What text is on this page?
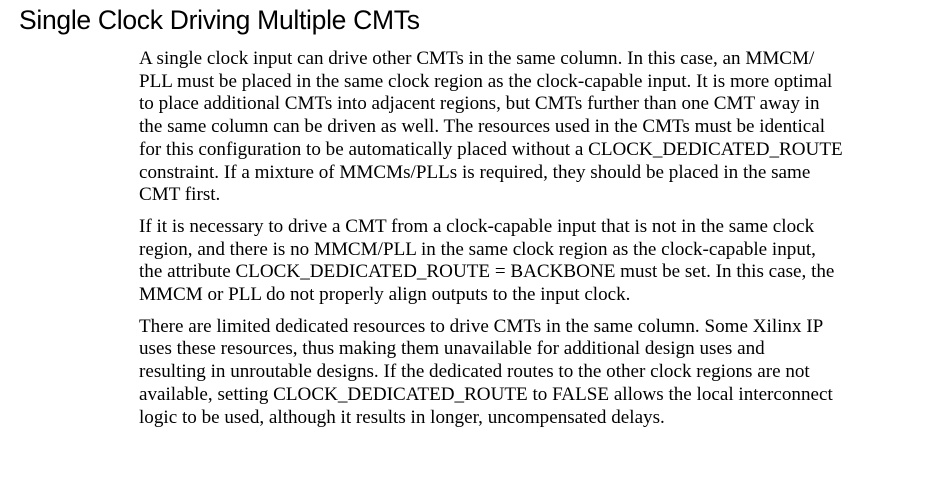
Single Clock Driving Multiple CMTs

A single clock input can drive other CMTs in the same column. In this case, an MMCM/
PLL must be placed in the same clock region as the clock-capable input. It is more optimal
to place additional CMTs into adjacent regions, but CMTs further than one CMT away in
the same column can be driven as well. The resources used in the CMTs must be identical
for this configuration to be automatically placed without a CLOCK_DEDICATED_ROUTE
constraint. If a mixture of MMCMs/PLLs is required, they should be placed in the same
CMT first.

If it is necessary to drive a CMT from a clock-capable input that is not in the same clock
region, and there is no MMCM/PLL in the same clock region as the clock-capable input,
the attribute CLOCK_DEDICATED_ROUTE = BACKBONE must be set. In this case, the
MMCM or PLL do not properly align outputs to the input clock.

There are limited dedicated resources to drive CMTs in the same column. Some Xilinx IP
uses these resources, thus making them unavailable for additional design uses and
resulting in unroutable designs. If the dedicated routes to the other clock regions are not
available, setting CLOCK_DEDICATED_ROUTE to FALSE allows the local interconnect
logic to be used, although it results in longer, uncompensated delays.
